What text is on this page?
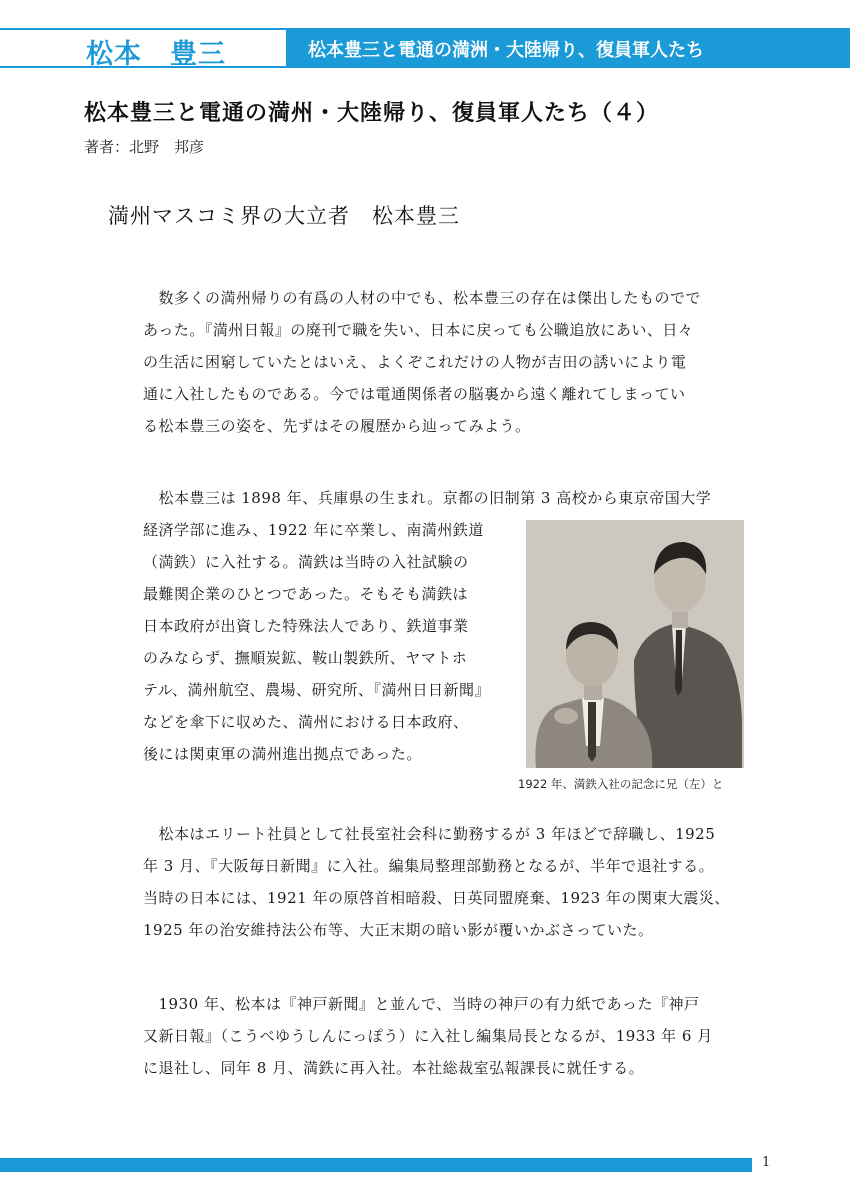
松本　豊三	松本豊三と電通の満洲・大陸帰り、復員軍人たち
松本豊三と電通の満州・大陸帰り、復員軍人たち（４）
著者：北野　邦彦
満州マスコミ界の大立者　松本豊三
　数多くの満州帰りの有爲の人材の中でも、松本豊三の存在は傑出したものでで
あった。『満州日報』の廃刊で職を失い、日本に戻っても公職追放にあい、日々
の生活に困窮していたとはいえ、よくぞこれだけの人物が吉田の誘いにより電
通に入社したものである。今では電通関係者の脳裏から遠く離れてしまってい
る松本豊三の姿を、先ずはその履歴から辿ってみよう。
　松本豊三は 1898 年、兵庫県の生まれ。京都の旧制第 3 高校から東京帝国大学
経済学部に進み、1922 年に卒業し、南満州鉄道
（満鉄）に入社する。満鉄は当時の入社試験の
最難関企業のひとつであった。そもそも満鉄は
日本政府が出資した特殊法人であり、鉄道事業
のみならず、撫順炭鉱、鞍山製鉄所、ヤマトホ
テル、満州航空、農場、研究所、『満州日日新聞』
などを傘下に収めた、満州における日本政府、
後には関東軍の満州進出拠点であった。
1922 年、満鉄入社の記念に兄（左）と
　松本はエリート社員として社長室社会科に勤務するが 3 年ほどで辞職し、1925
年 3 月、『大阪毎日新聞』に入社。編集局整理部勤務となるが、半年で退社する。
当時の日本には、1921 年の原啓首相暗殺、日英同盟廃棄、1923 年の関東大震災、
1925 年の治安維持法公布等、大正末期の暗い影が覆いかぶさっていた。
　1930 年、松本は『神戸新聞』と並んで、当時の神戸の有力紙であった『神戸
又新日報』（こうべゆうしんにっぽう）に入社し編集局長となるが、1933 年 6 月
に退社し、同年 8 月、満鉄に再入社。本社総裁室弘報課長に就任する。
1
